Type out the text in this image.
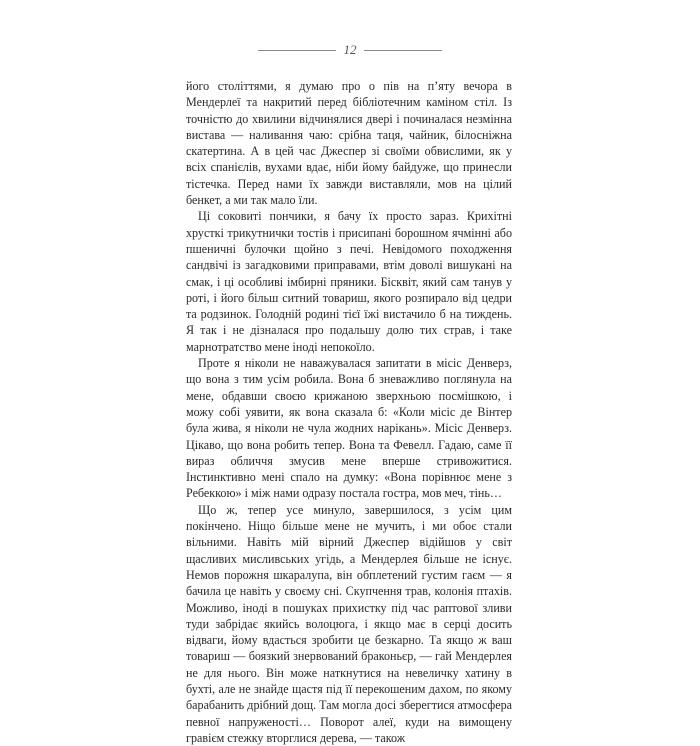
12

його століттями, я думаю про о пів на п’яту вечора в Мендерлеї та накритий перед бібліотечним каміном стіл. Із точністю до хвилини відчинялися двері і починалася незмінна вистава — наливання чаю: срібна таця, чайник, білосніжна скатертина. А в цей час Джеспер зі своїми обвислими, як у всіх спанієлів, вухами вдає, ніби йому байдуже, що принесли тістечка. Перед нами їх завжди виставляли, мов на цілий бенкет, а ми так мало їли.

Ці соковиті пончики, я бачу їх просто зараз. Крихітні хрусткі трикутнички тостів і присипані борошном ячмінні або пшеничні булочки щойно з печі. Невідомого походження сандвічі із загадковими приправами, втім доволі вишукані на смак, і ці особливі імбирні пряники. Бісквіт, який сам танув у роті, і його більш ситний товариш, якого розпирало від цедри та родзинок. Голодній родині тієї їжі вистачило б на тиждень. Я так і не дізналася про подальшу долю тих страв, і таке марнотратство мене іноді непокоїло.

Проте я ніколи не наважувалася запитати в місіс Денверз, що вона з тим усім робила. Вона б зневажливо поглянула на мене, обдавши своєю крижаною зверхньою посмішкою, і можу собі уявити, як вона сказала б: «Коли місіс де Вінтер була жива, я ніколи не чула жодних нарікань». Місіс Денверз. Цікаво, що вона робить тепер. Вона та Февелл. Гадаю, саме її вираз обличчя змусив мене вперше стривожитися. Інстинктивно мені спало на думку: «Вона порівнює мене з Ребеккою» і між нами одразу постала гостра, мов меч, тінь…

Що ж, тепер усе минуло, завершилося, з усім цим покінчено. Ніщо більше мене не мучить, і ми обоє стали вільними. Навіть мій вірний Джеспер відійшов у світ щасливих мисливських угідь, а Мендерлея більше не існує. Немов порожня шкаралупа, він обплетений густим гаєм — я бачила це навіть у своєму сні. Скупчення трав, колонія птахів. Можливо, іноді в пошуках прихистку під час раптової зливи туди забрідає якийсь волоцюга, і якщо має в серці досить відваги, йому вдасться зробити це безкарно. Та якщо ж ваш товариш — боязкий знервований браконьєр, — гай Мендерлея не для нього. Він може наткнутися на невеличку хатину в бухті, але не знайде щастя під її перекошеним дахом, по якому барабанить дрібний дощ. Там могла досі зберегтися атмосфера певної напруженості… Поворот алеї, куди на вимощену гравієм стежку вторглися дерева, — також
